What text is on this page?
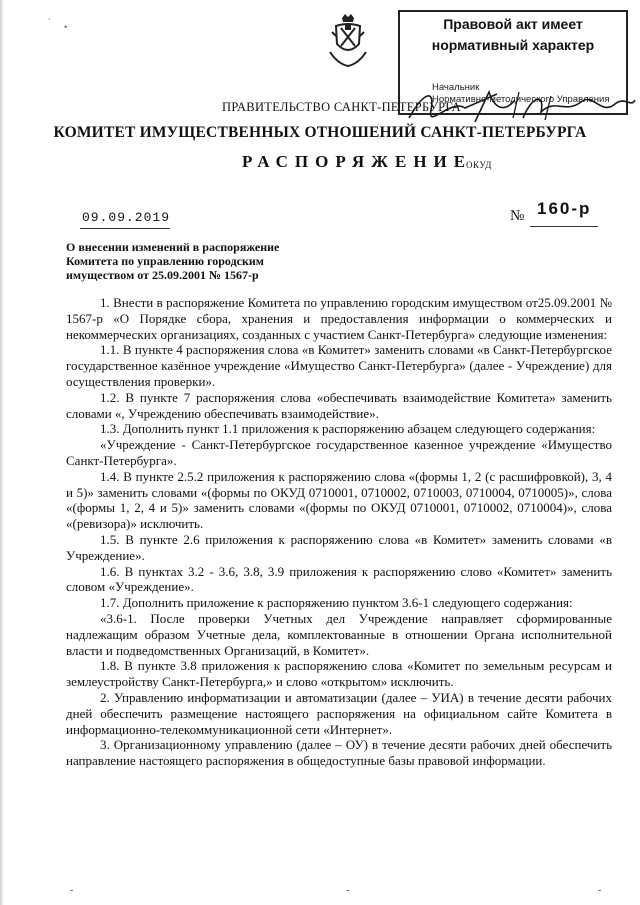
·
•	Правовой акт имеет
нормативный характер
Начальник
Нормативно-методического Управления
ПРАВИТЕЛЬСТВО САНКТ-ПЕТЕРБУРГА
КОМИТЕТ ИМУЩЕСТВЕННЫХ ОТНОШЕНИЙ САНКТ-ПЕТЕРБУРГА
РАСПОРЯЖЕНИЕ
ОКУД
09.09.2019	№ 160-р
О внесении изменений в распоряжение
Комитета по управлению городским
имуществом от 25.09.2001 № 1567-р

1. Внести в распоряжение Комитета по управлению городским имуществом от25.09.2001 № 1567-р «О Порядке сбора, хранения и предоставления информации о коммерческих и некоммерческих организациях, созданных с участием Санкт-Петербурга» следующие изменения:

1.1. В пункте 4 распоряжения слова «в Комитет» заменить словами «в Санкт-Петербургское государственное казённое учреждение «Имущество Санкт-Петербурга» (далее - Учреждение) для осуществления проверки».

1.2. В пункте 7 распоряжения слова «обеспечивать взаимодействие Комитета» заменить словами «, Учреждению обеспечивать взаимодействие».

1.3. Дополнить пункт 1.1 приложения к распоряжению абзацем следующего содержания:

«Учреждение - Санкт-Петербургское государственное казенное учреждение «Имущество Санкт-Петербурга».

1.4. В пункте 2.5.2 приложения к распоряжению слова «(формы 1, 2 (с расшифровкой), 3, 4 и 5)» заменить словами «(формы по ОКУД 0710001, 0710002, 0710003, 0710004, 0710005)», слова «(формы 1, 2, 4 и 5)» заменить словами «(формы по ОКУД 0710001, 0710002, 0710004)», слова «(ревизора)» исключить.

1.5. В пункте 2.6 приложения к распоряжению слова «в Комитет» заменить словами «в Учреждение».

1.6. В пунктах 3.2 - 3.6, 3.8, 3.9 приложения к распоряжению слово «Комитет» заменить словом «Учреждение».

1.7. Дополнить приложение к распоряжению пунктом 3.6-1 следующего содержания:

«3.6-1. После проверки Учетных дел Учреждение направляет сформированные надлежащим образом Учетные дела, комплектованные в отношении Органа исполнительной власти и подведомственных Организаций, в Комитет».

1.8. В пункте 3.8 приложения к распоряжению слова «Комитет по земельным ресурсам и землеустройству Санкт-Петербурга,» и слово «открытом» исключить.

2. Управлению информатизации и автоматизации (далее – УИА) в течение десяти рабочих дней обеспечить размещение настоящего распоряжения на официальном сайте Комитета в информационно-телекоммуникационной сети «Интернет».

3. Организационному управлению (далее – ОУ) в течение десяти рабочих дней обеспечить направление настоящего распоряжения в общедоступные базы правовой информации.

-	-	-
